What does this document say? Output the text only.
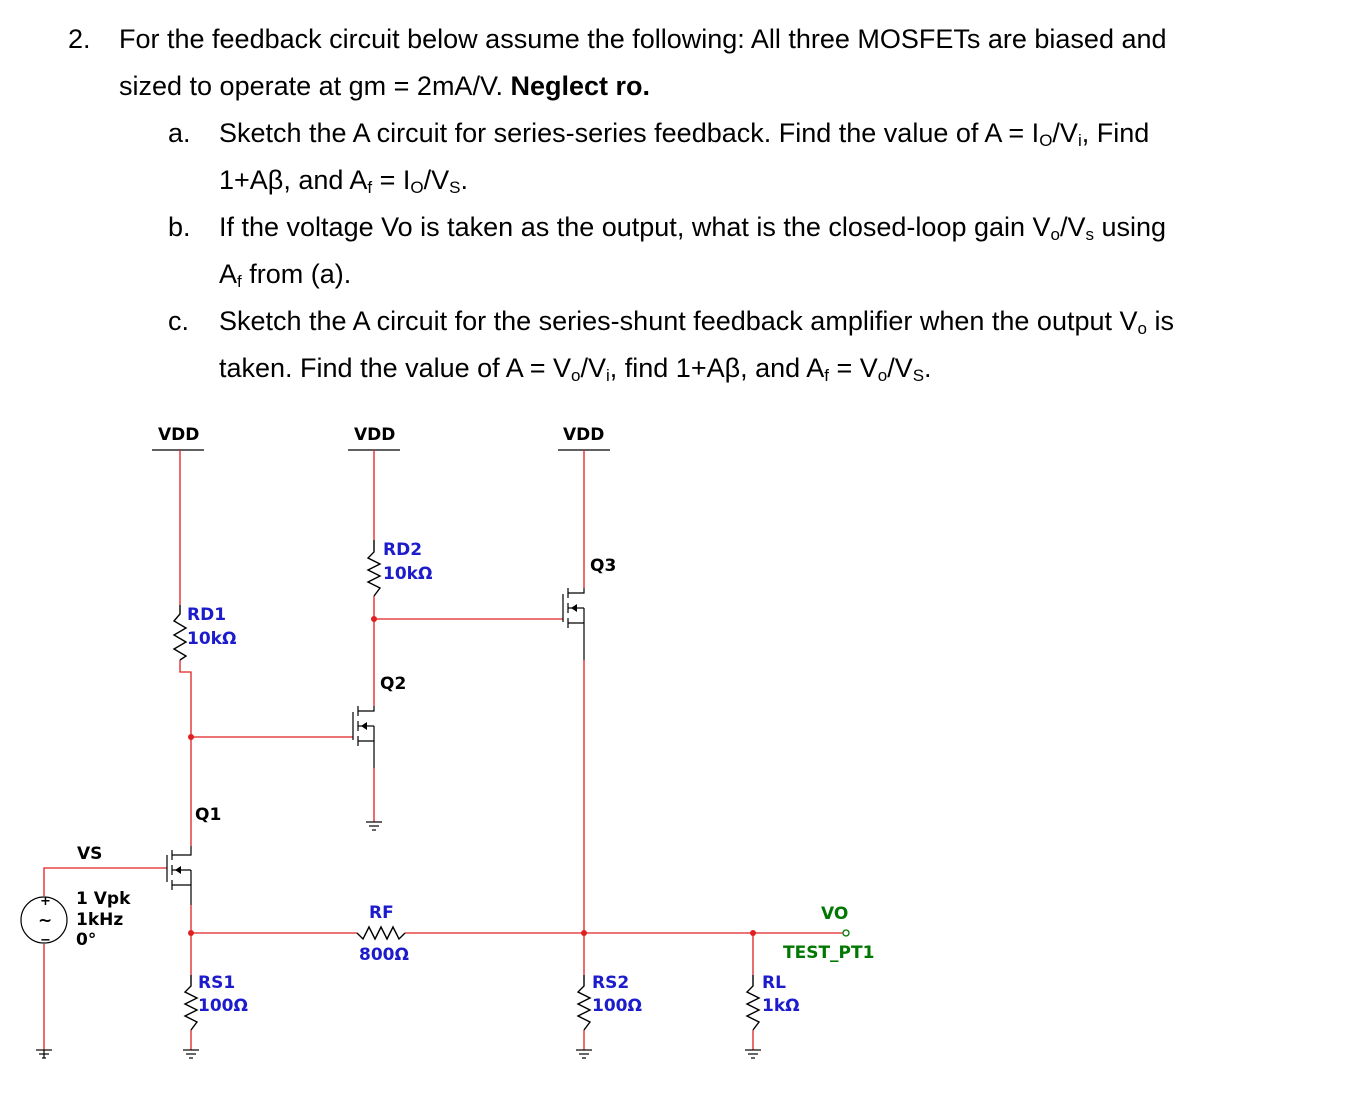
2. For the feedback circuit below assume the following: All three MOSFETs are biased and
sized to operate at gm = 2mA/V. Neglect ro.
a. Sketch the A circuit for series-series feedback. Find the value of $A = I_O/V_i$, Find
1+Aβ, and $A_f = I_O/V_S$.
b. If the voltage Vo is taken as the output, what is the closed-loop gain $V_o/V_s$ using
$A_f$ from (a).
c. Sketch the A circuit for the series-shunt feedback amplifier when the output $V_o$ is
taken. Find the value of $A = V_o/V_i$, find 1+Aβ, and $A_f = V_o/V_S$.
VDD	VDD	VDD
RD1
10kΩ
RD2
10kΩ
RF
800Ω
RS1
100Ω
RS2
100Ω
RL
1kΩ
Q1
Q2
Q3
+
~
−
VS
1 Vpk
1kHz
0°
VO
TEST_PT1
